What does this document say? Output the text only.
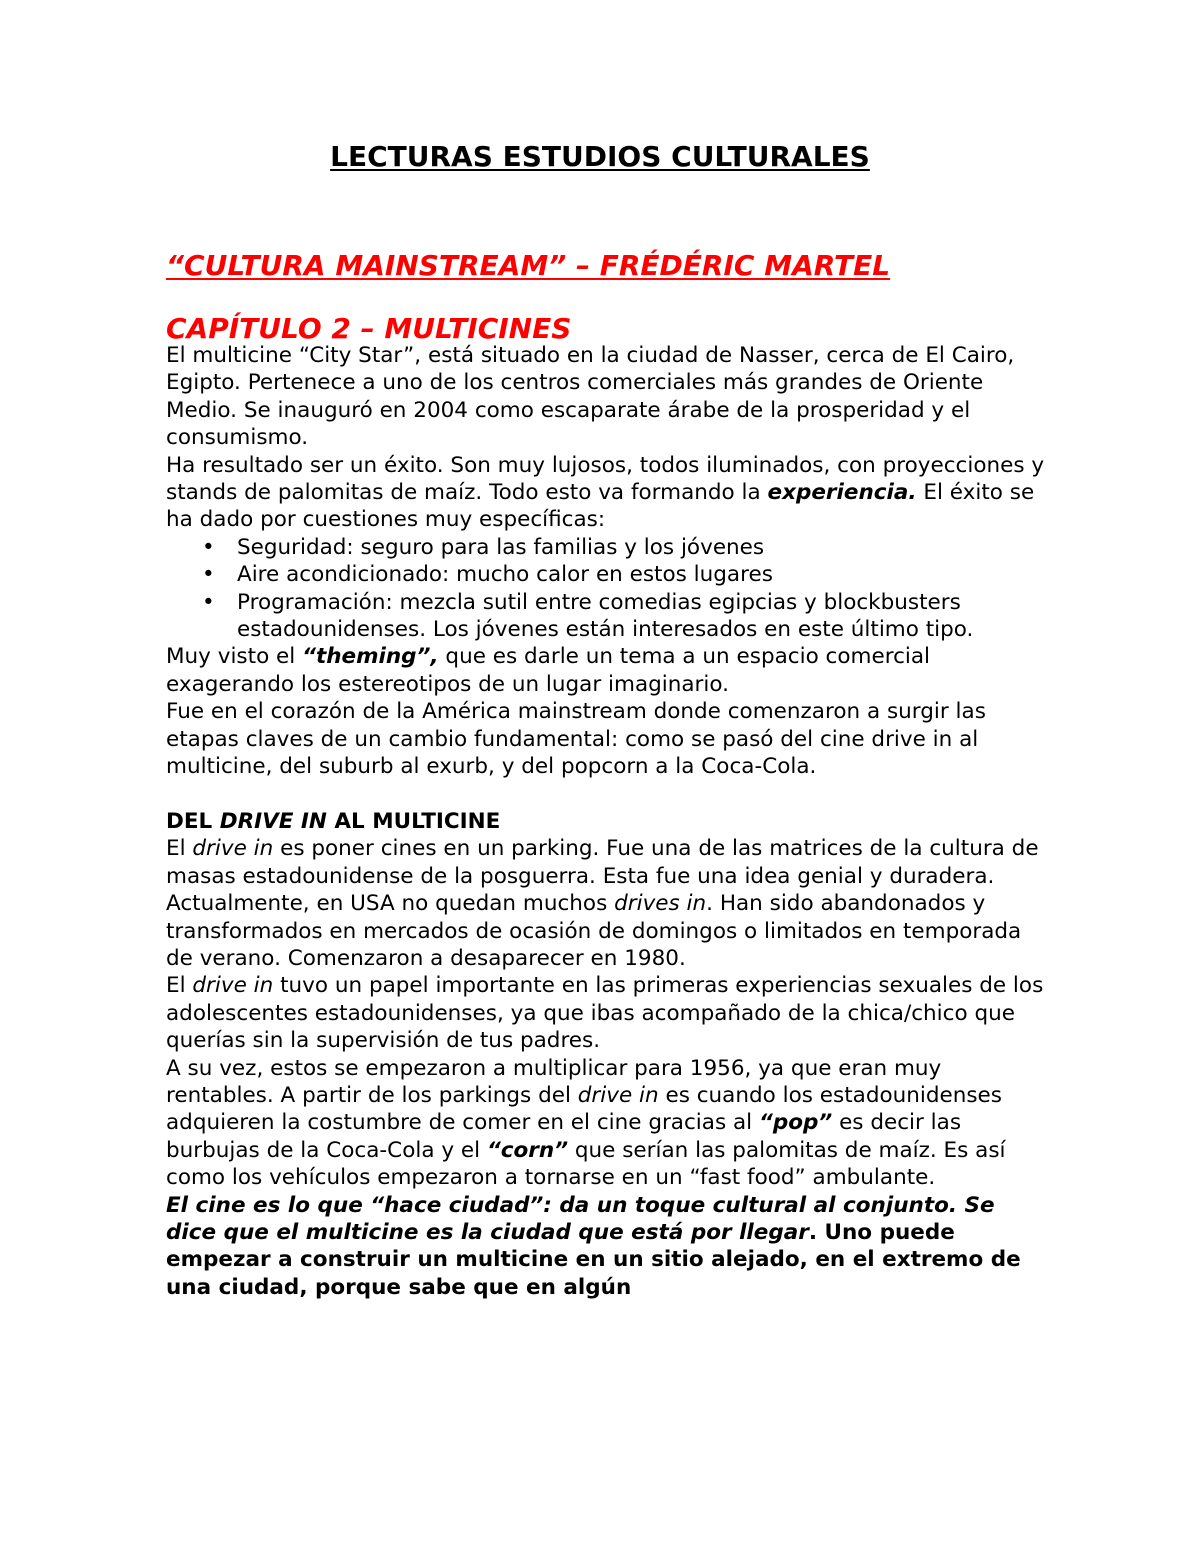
LECTURAS ESTUDIOS CULTURALES
“CULTURA MAINSTREAM” – FRÉDÉRIC MARTEL
CAPÍTULO 2 – MULTICINES

El multicine “City Star”, está situado en la ciudad de Nasser, cerca de El Cairo, Egipto. Pertenece a uno de los centros comerciales más grandes de Oriente Medio. Se inauguró en 2004 como escaparate árabe de la prosperidad y el consumismo.

Ha resultado ser un éxito. Son muy lujosos, todos iluminados, con proyecciones y stands de palomitas de maíz. Todo esto va formando la experiencia. El éxito se ha dado por cuestiones muy específicas:

• Seguridad: seguro para las familias y los jóvenes
• Aire acondicionado: mucho calor en estos lugares
• Programación: mezcla sutil entre comedias egipcias y blockbusters estadounidenses. Los jóvenes están interesados en este último tipo.

Muy visto el “theming”, que es darle un tema a un espacio comercial exagerando los estereotipos de un lugar imaginario.

Fue en el corazón de la América mainstream donde comenzaron a surgir las etapas claves de un cambio fundamental: como se pasó del cine drive in al multicine, del suburb al exurb, y del popcorn a la Coca-Cola.

DEL DRIVE IN AL MULTICINE

El drive in es poner cines en un parking. Fue una de las matrices de la cultura de masas estadounidense de la posguerra. Esta fue una idea genial y duradera. Actualmente, en USA no quedan muchos drives in. Han sido abandonados y transformados en mercados de ocasión de domingos o limitados en temporada de verano. Comenzaron a desaparecer en 1980.

El drive in tuvo un papel importante en las primeras experiencias sexuales de los adolescentes estadounidenses, ya que ibas acompañado de la chica/chico que querías sin la supervisión de tus padres.

A su vez, estos se empezaron a multiplicar para 1956, ya que eran muy rentables. A partir de los parkings del drive in es cuando los estadounidenses adquieren la costumbre de comer en el cine gracias al “pop” es decir las burbujas de la Coca-Cola y el “corn” que serían las palomitas de maíz. Es así como los vehículos empezaron a tornarse en un “fast food” ambulante.

El cine es lo que “hace ciudad”: da un toque cultural al conjunto. Se dice que el multicine es la ciudad que está por llegar. Uno puede empezar a construir un multicine en un sitio alejado, en el extremo de una ciudad, porque sabe que en algún
